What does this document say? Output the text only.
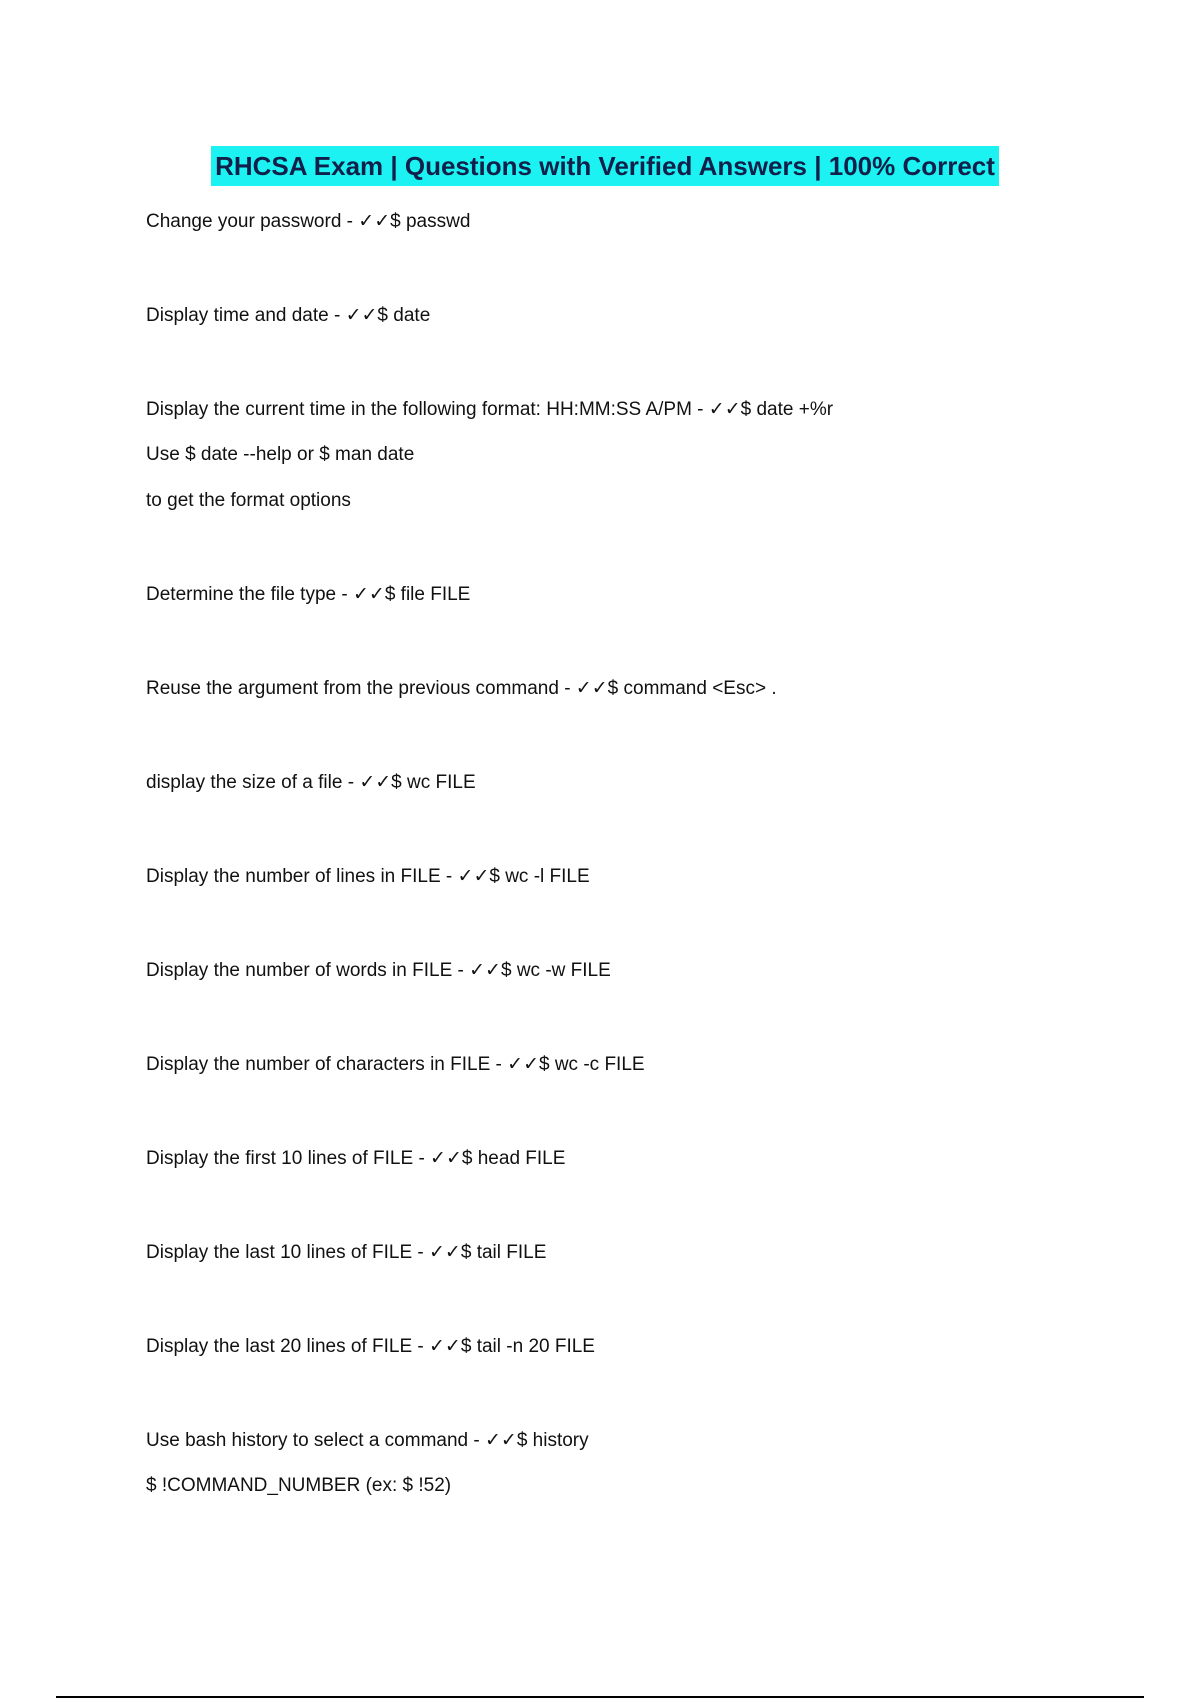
RHCSA Exam | Questions with Verified Answers | 100% Correct
Change your password - ✓✓$ passwd
Display time and date - ✓✓$ date
Display the current time in the following format: HH:MM:SS A/PM - ✓✓$ date +%r
Use $ date --help or $ man date
to get the format options
Determine the file type - ✓✓$ file FILE
Reuse the argument from the previous command - ✓✓$ command <Esc> .
display the size of a file - ✓✓$ wc FILE
Display the number of lines in FILE - ✓✓$ wc -l FILE
Display the number of words in FILE - ✓✓$ wc -w FILE
Display the number of characters in FILE - ✓✓$ wc -c FILE
Display the first 10 lines of FILE - ✓✓$ head FILE
Display the last 10 lines of FILE - ✓✓$ tail FILE
Display the last 20 lines of FILE - ✓✓$ tail -n 20 FILE
Use bash history to select a command - ✓✓$ history
$ !COMMAND_NUMBER (ex: $ !52)
